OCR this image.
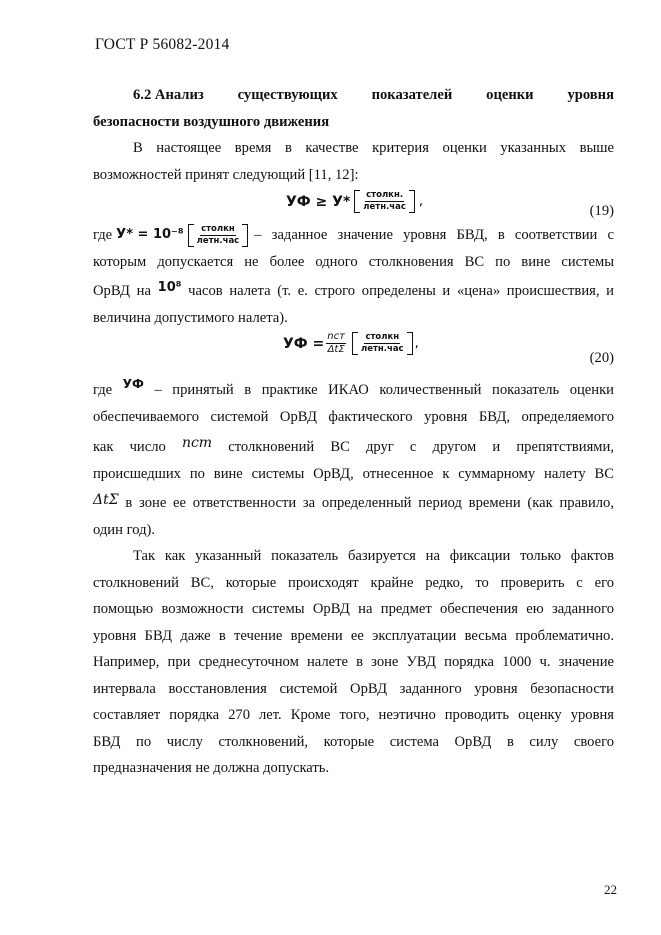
ГОСТ Р 56082-2014
6.2 Анализ существующих показателей оценки уровня
безопасности воздушного движения

В настоящее время в качестве критерия оценки указанных выше

возможностей принят следующий [11, 12]:

УФ ≥ $У* \frac{\text{столкн.}}{\text{летн.час}}$ ,
(19)

где $У* = 10^{-8} \frac{\text{столкн}}{\text{летн.час}}$ – заданное значение уровня БВД, в соответствии с

которым допускается не более одного столкновения ВС по вине системы

ОрВД на 10⁸ часов налета (т. е. строго определены и «цена» происшествия, и

величина допустимого налета).

УФ = $\frac{\text{nст}}{\text{ΔtΣ}} \frac{\text{столкн}}{\text{летн.час}}$ ,
(20)

где $^{УФ}$ – принятый в практике ИКАО количественный показатель оценки

обеспечиваемого системой ОрВД фактического уровня БВД, определяемого

как число nст столкновений ВС друг с другом и препятствиями,

происшедших по вине системы ОрВД, отнесенное к суммарному налету ВС

ΔtΣ в зоне ее ответственности за определенный период времени (как правило,

один год).

Так как указанный показатель базируется на фиксации только фактов

столкновений ВС, которые происходят крайне редко, то проверить с его

помощью возможности системы ОрВД на предмет обеспечения ею заданного

уровня БВД даже в течение времени ее эксплуатации весьма проблематично.

Например, при среднесуточном налете в зоне УВД порядка 1000 ч. значение

интервала восстановления системой ОрВД заданного уровня безопасности

составляет порядка 270 лет. Кроме того, неэтично проводить оценку уровня

БВД по числу столкновений, которые система ОрВД в силу своего

предназначения не должна допускать.

22
